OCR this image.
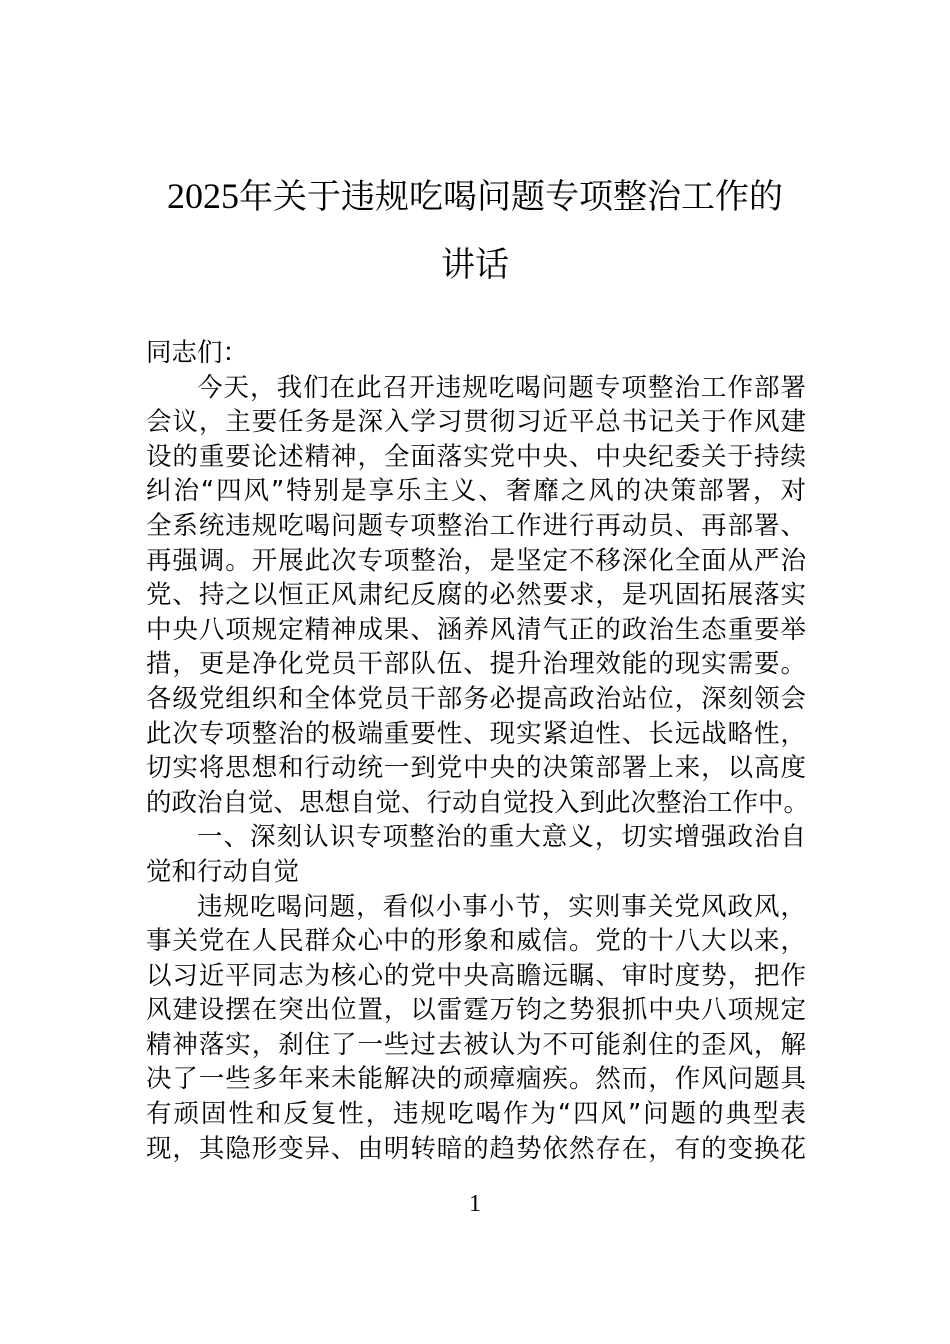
2025年关于违规吃喝问题专项整治工作的
讲话
同志们：
今天，我们在此召开违规吃喝问题专项整治工作部署
会议，主要任务是深入学习贯彻习近平总书记关于作风建
设的重要论述精神，全面落实党中央、中央纪委关于持续
纠治“四风”特别是享乐主义、奢靡之风的决策部署，对
全系统违规吃喝问题专项整治工作进行再动员、再部署、
再强调。开展此次专项整治，是坚定不移深化全面从严治
党、持之以恒正风肃纪反腐的必然要求，是巩固拓展落实
中央八项规定精神成果、涵养风清气正的政治生态重要举
措，更是净化党员干部队伍、提升治理效能的现实需要。
各级党组织和全体党员干部务必提高政治站位，深刻领会
此次专项整治的极端重要性、现实紧迫性、长远战略性，
切实将思想和行动统一到党中央的决策部署上来，以高度
的政治自觉、思想自觉、行动自觉投入到此次整治工作中。
一、深刻认识专项整治的重大意义，切实增强政治自
觉和行动自觉
违规吃喝问题，看似小事小节，实则事关党风政风，
事关党在人民群众心中的形象和威信。党的十八大以来，
以习近平同志为核心的党中央高瞻远瞩、审时度势，把作
风建设摆在突出位置，以雷霆万钧之势狠抓中央八项规定
精神落实，刹住了一些过去被认为不可能刹住的歪风，解
决了一些多年来未能解决的顽瘴痼疾。然而，作风问题具
有顽固性和反复性，违规吃喝作为“四风”问题的典型表
现，其隐形变异、由明转暗的趋势依然存在，有的变换花
1
